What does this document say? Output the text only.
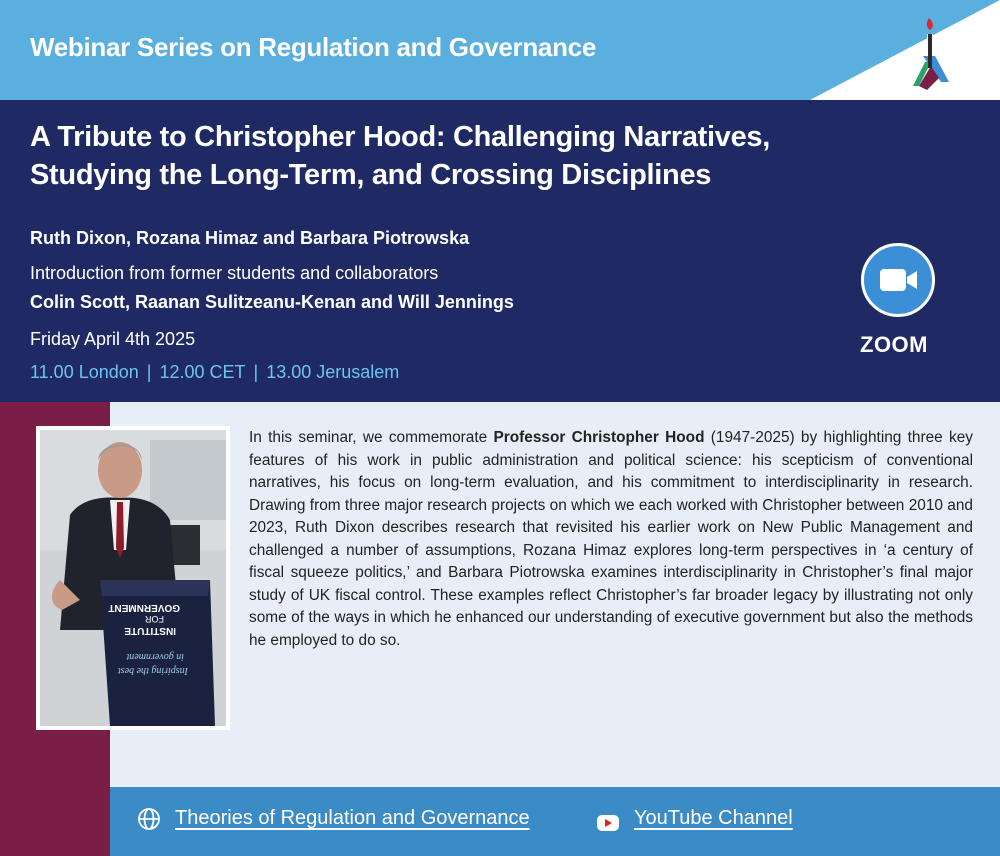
Webinar Series on Regulation and Governance
A Tribute to Christopher Hood: Challenging Narratives,
Studying the Long-Term, and Crossing Disciplines
Ruth Dixon, Rozana Himaz and Barbara Piotrowska
Introduction from former students and collaborators
Colin Scott, Raanan Sulitzeanu-Kenan and Will Jennings
Friday April 4th 2025
11.00 London | 12.00 CET | 13.00 Jerusalem
ZOOM
INSTITUTE
FOR
GOVERNMENT
Inspiring the best
in government
In this seminar, we commemorate Professor Christopher Hood (1947-2025) by highlighting three key features of his work in public administration and political science: his scepticism of conventional narratives, his focus on long-term evaluation, and his commitment to interdisciplinarity in research. Drawing from three major research projects on which we each worked with Christopher between 2010 and 2023, Ruth Dixon describes research that revisited his earlier work on New Public Management and challenged a number of assumptions, Rozana Himaz explores long-term perspectives in ‘a century of fiscal squeeze politics,’ and Barbara Piotrowska examines interdisciplinarity in Christopher’s final major study of UK fiscal control. These examples reflect Christopher’s far broader legacy by illustrating not only some of the ways in which he enhanced our understanding of executive government but also the methods he employed to do so.
Theories of Regulation and Governance	YouTube Channel
